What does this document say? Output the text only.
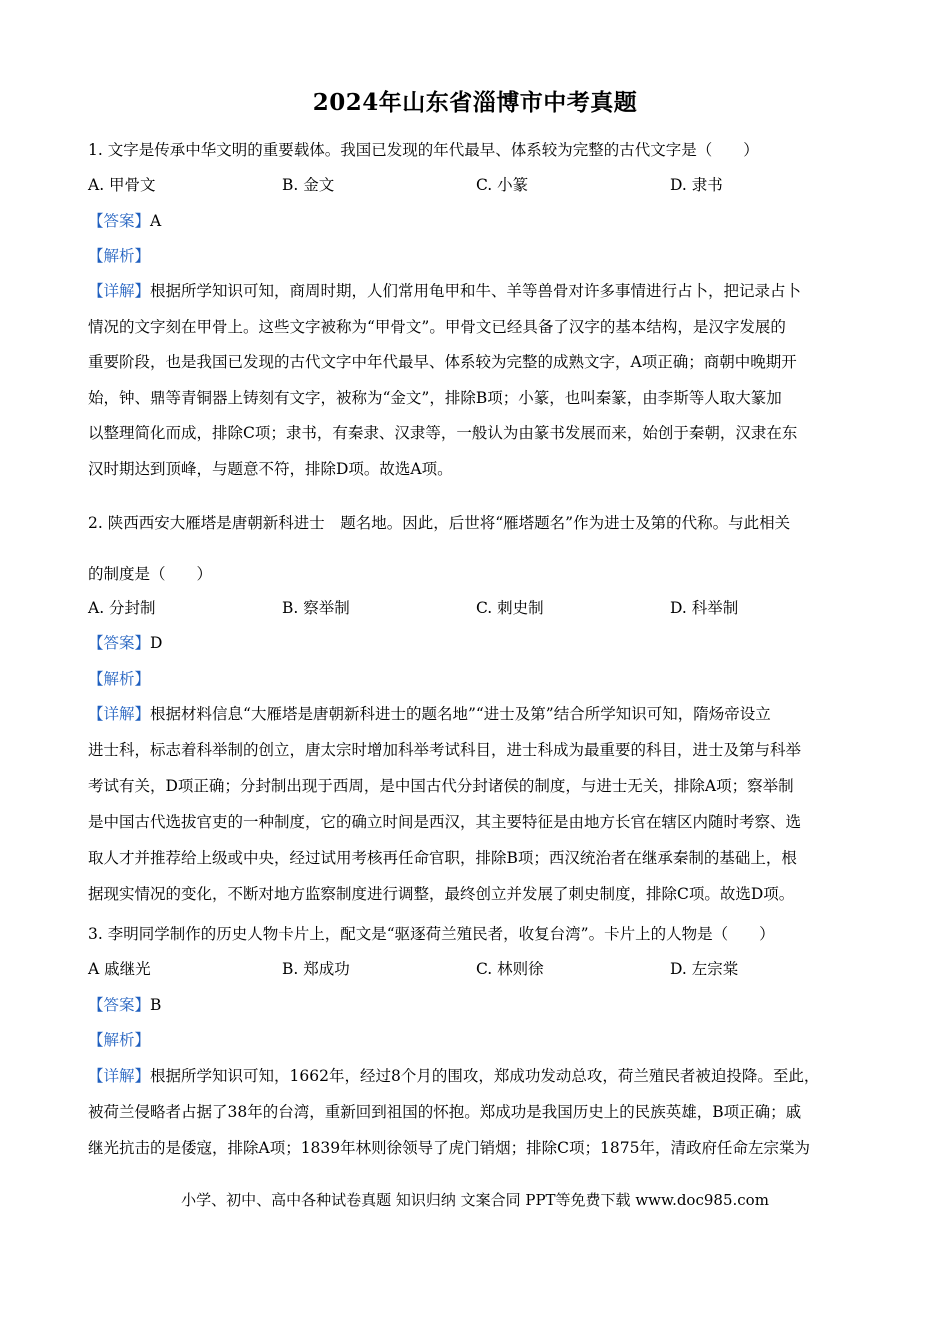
2024年山东省淄博市中考真题
1. 文字是传承中华文明的重要载体。我国已发现的年代最早、体系较为完整的古代文字是（　　）
A. 甲骨文	B. 金文	C. 小篆	D. 隶书
【答案】A
【解析】
【详解】根据所学知识可知，商周时期，人们常用龟甲和牛、羊等兽骨对许多事情进行占卜，把记录占卜
情况的文字刻在甲骨上。这些文字被称为“甲骨文”。甲骨文已经具备了汉字的基本结构，是汉字发展的
重要阶段，也是我国已发现的古代文字中年代最早、体系较为完整的成熟文字，A项正确；商朝中晚期开
始，钟、鼎等青铜器上铸刻有文字，被称为“金文”，排除B项；小篆，也叫秦篆，由李斯等人取大篆加
以整理简化而成，排除C项；隶书，有秦隶、汉隶等，一般认为由篆书发展而来，始创于秦朝，汉隶在东
汉时期达到顶峰，与题意不符，排除D项。故选A项。
2. 陕西西安大雁塔是唐朝新科进士　题名地。因此，后世将“雁塔题名”作为进士及第的代称。与此相关
的制度是（　　）
A. 分封制	B. 察举制	C. 刺史制	D. 科举制
【答案】D
【解析】
【详解】根据材料信息“大雁塔是唐朝新科进士的题名地”“进士及第”结合所学知识可知，隋炀帝设立
进士科，标志着科举制的创立，唐太宗时增加科举考试科目，进士科成为最重要的科目，进士及第与科举
考试有关，D项正确；分封制出现于西周，是中国古代分封诸侯的制度，与进士无关，排除A项；察举制
是中国古代选拔官吏的一种制度，它的确立时间是西汉，其主要特征是由地方长官在辖区内随时考察、选
取人才并推荐给上级或中央，经过试用考核再任命官职，排除B项；西汉统治者在继承秦制的基础上，根
据现实情况的变化，不断对地方监察制度进行调整，最终创立并发展了刺史制度，排除C项。故选D项。
3. 李明同学制作的历史人物卡片上，配文是“驱逐荷兰殖民者，收复台湾”。卡片上的人物是（　　）
A 戚继光	B. 郑成功	C. 林则徐	D. 左宗棠
【答案】B
【解析】
【详解】根据所学知识可知，1662年，经过8个月的围攻，郑成功发动总攻，荷兰殖民者被迫投降。至此，
被荷兰侵略者占据了38年的台湾，重新回到祖国的怀抱。郑成功是我国历史上的民族英雄，B项正确；戚
继光抗击的是倭寇，排除A项；1839年林则徐领导了虎门销烟；排除C项；1875年，清政府任命左宗棠为
小学、初中、高中各种试卷真题 知识归纳 文案合同 PPT等免费下载 www.doc985.com
